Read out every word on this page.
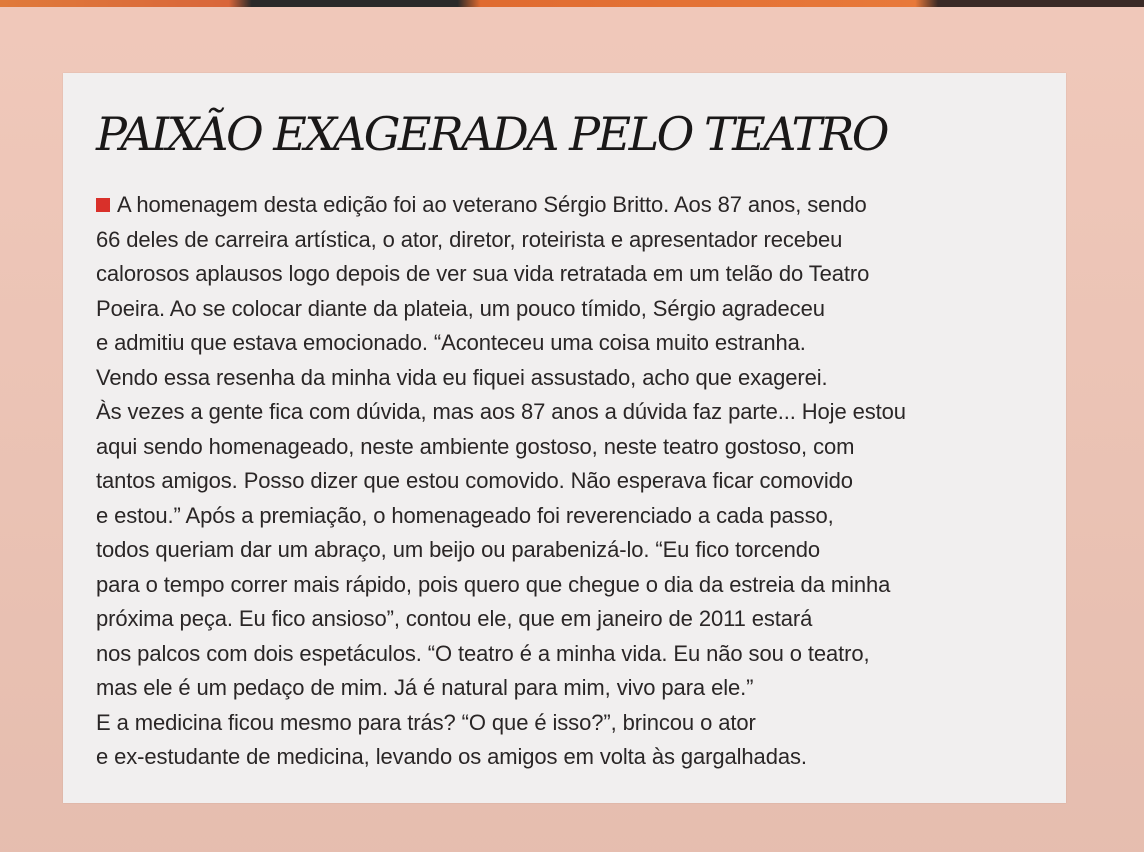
PAIXÃO EXAGERADA PELO TEATRO
A homenagem desta edição foi ao veterano Sérgio Britto. Aos 87 anos, sendo
66 deles de carreira artística, o ator, diretor, roteirista e apresentador recebeu
calorosos aplausos logo depois de ver sua vida retratada em um telão do Teatro
Poeira. Ao se colocar diante da plateia, um pouco tímido, Sérgio agradeceu
e admitiu que estava emocionado. “Aconteceu uma coisa muito estranha.
Vendo essa resenha da minha vida eu fiquei assustado, acho que exagerei.
Às vezes a gente fica com dúvida, mas aos 87 anos a dúvida faz parte... Hoje estou
aqui sendo homenageado, neste ambiente gostoso, neste teatro gostoso, com
tantos amigos. Posso dizer que estou comovido. Não esperava ficar comovido
e estou.” Após a premiação, o homenageado foi reverenciado a cada passo,
todos queriam dar um abraço, um beijo ou parabenizá-lo. “Eu fico torcendo
para o tempo correr mais rápido, pois quero que chegue o dia da estreia da minha
próxima peça. Eu fico ansioso”, contou ele, que em janeiro de 2011 estará
nos palcos com dois espetáculos. “O teatro é a minha vida. Eu não sou o teatro,
mas ele é um pedaço de mim. Já é natural para mim, vivo para ele.”
E a medicina ficou mesmo para trás? “O que é isso?”, brincou o ator
e ex-estudante de medicina, levando os amigos em volta às gargalhadas.
